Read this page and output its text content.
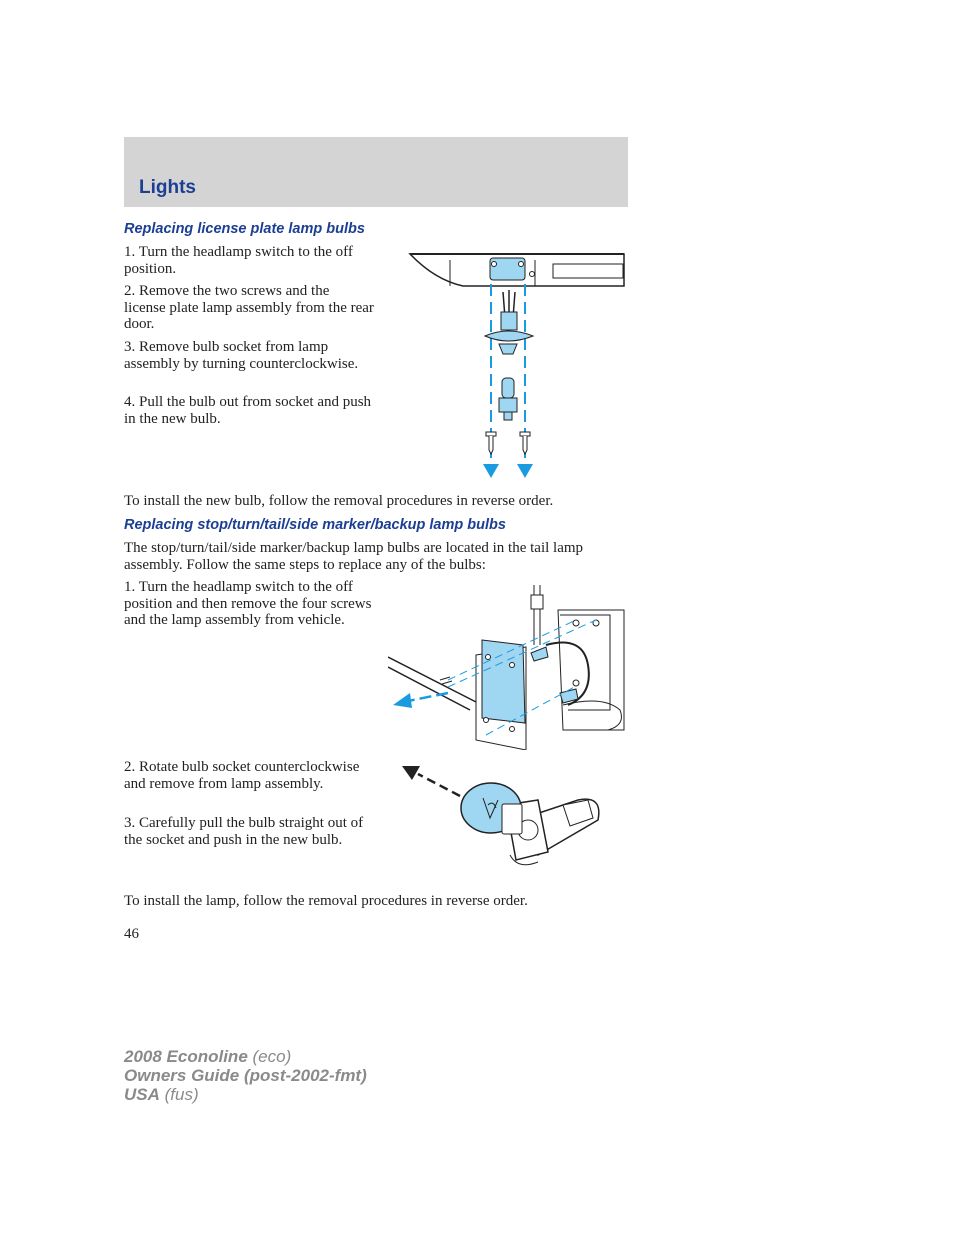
Lights
Replacing license plate lamp bulbs

1. Turn the headlamp switch to the off position.

2. Remove the two screws and the license plate lamp assembly from the rear door.

3. Remove bulb socket from lamp assembly by turning counterclockwise.

4. Pull the bulb out from socket and push in the new bulb.

To install the new bulb, follow the removal procedures in reverse order.

Replacing stop/turn/tail/side marker/backup lamp bulbs

The stop/turn/tail/side marker/backup lamp bulbs are located in the tail lamp assembly. Follow the same steps to replace any of the bulbs:

1. Turn the headlamp switch to the off position and then remove the four screws and the lamp assembly from vehicle.

2. Rotate bulb socket counterclockwise and remove from lamp assembly.

3. Carefully pull the bulb straight out of the socket and push in the new bulb.

To install the lamp, follow the removal procedures in reverse order.

46

2008 Econoline (eco)
Owners Guide (post-2002-fmt)
USA (fus)
